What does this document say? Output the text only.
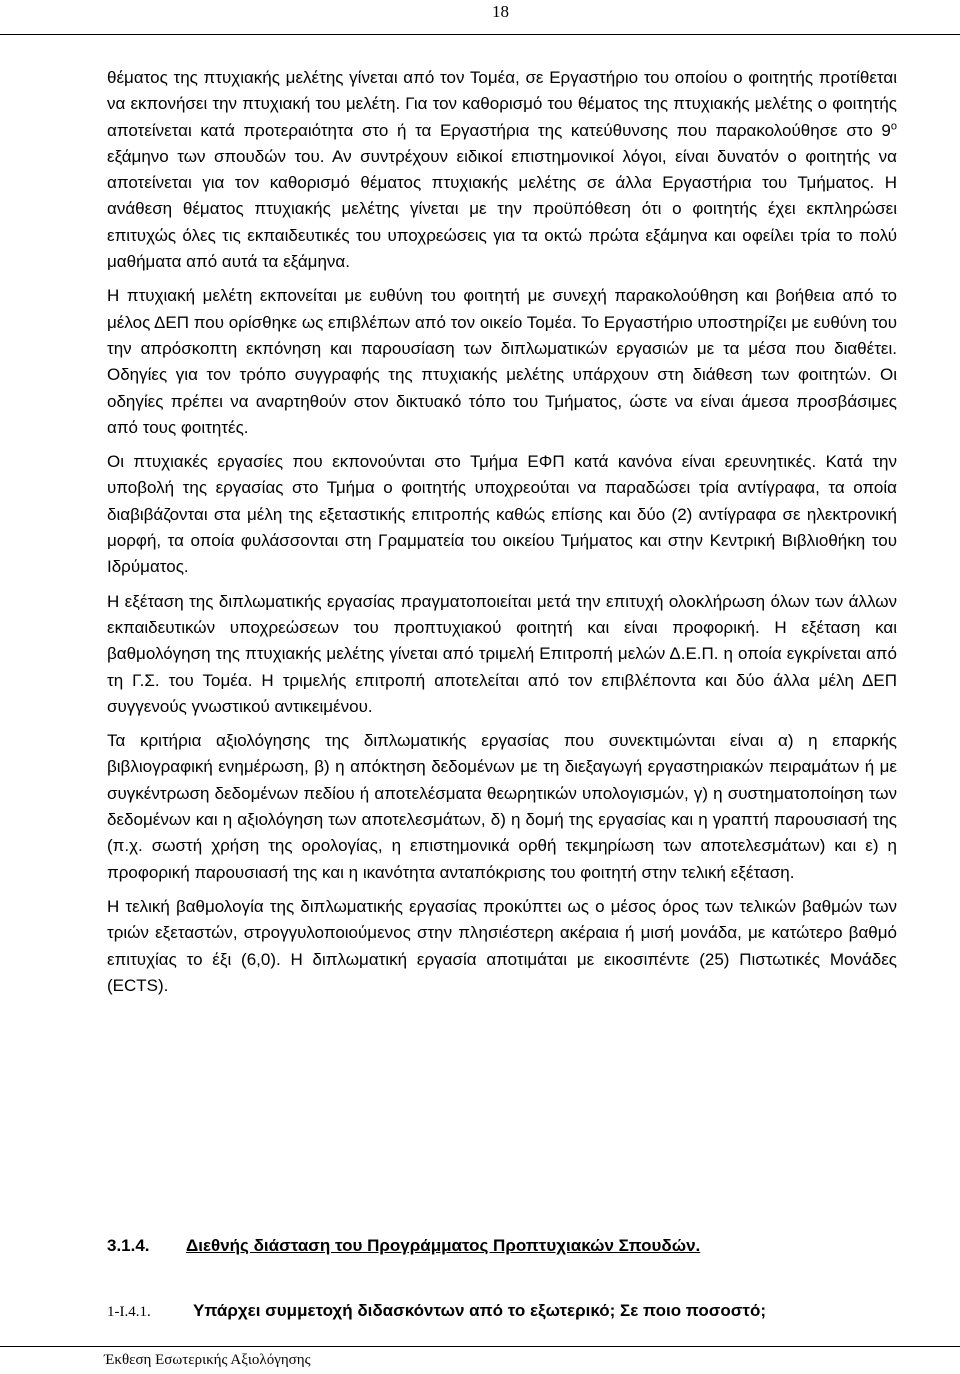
18

θέματος της πτυχιακής μελέτης γίνεται από τον Τομέα, σε Εργαστήριο του οποίου ο φοιτητής προτίθεται να εκπονήσει την πτυχιακή του μελέτη. Για τον καθορισμό του θέματος της πτυχιακής μελέτης ο φοιτητής αποτείνεται κατά προτεραιότητα στο ή τα Εργαστήρια της κατεύθυνσης που παρακολούθησε στο $9^o$ εξάμηνο των σπουδών του. Αν συντρέχουν ειδικοί επιστημονικοί λόγοι, είναι δυνατόν ο φοιτητής να αποτείνεται για τον καθορισμό θέματος πτυχιακής μελέτης σε άλλα Εργαστήρια του Τμήματος. Η ανάθεση θέματος πτυχιακής μελέτης γίνεται με την προϋπόθεση ότι ο φοιτητής έχει εκπληρώσει επιτυχώς όλες τις εκπαιδευτικές του υποχρεώσεις για τα οκτώ πρώτα εξάμηνα και οφείλει τρία το πολύ μαθήματα από αυτά τα εξάμηνα.

Η πτυχιακή μελέτη εκπονείται με ευθύνη του φοιτητή με συνεχή παρακολούθηση και βοήθεια από το μέλος ΔΕΠ που ορίσθηκε ως επιβλέπων από τον οικείο Τομέα. Το Εργαστήριο υποστηρίζει με ευθύνη του την απρόσκοπτη εκπόνηση και παρουσίαση των διπλωματικών εργασιών με τα μέσα που διαθέτει. Οδηγίες για τον τρόπο συγγραφής της πτυχιακής μελέτης υπάρχουν στη διάθεση των φοιτητών. Οι οδηγίες πρέπει να αναρτηθούν στον δικτυακό τόπο του Τμήματος, ώστε να είναι άμεσα προσβάσιμες από τους φοιτητές.

Οι πτυχιακές εργασίες που εκπονούνται στο Τμήμα ΕΦΠ κατά κανόνα είναι ερευνητικές. Κατά την υποβολή της εργασίας στο Τμήμα ο φοιτητής υποχρεούται να παραδώσει τρία αντίγραφα, τα οποία διαβιβάζονται στα μέλη της εξεταστικής επιτροπής καθώς επίσης και δύο (2) αντίγραφα σε ηλεκτρονική μορφή, τα οποία φυλάσσονται στη Γραμματεία του οικείου Τμήματος και στην Κεντρική Βιβλιοθήκη του Ιδρύματος.

Η εξέταση της διπλωματικής εργασίας πραγματοποιείται μετά την επιτυχή ολοκλήρωση όλων των άλλων εκπαιδευτικών υποχρεώσεων του προπτυχιακού φοιτητή και είναι προφορική. Η εξέταση και βαθμολόγηση της πτυχιακής μελέτης γίνεται από τριμελή Επιτροπή μελών Δ.Ε.Π. η οποία εγκρίνεται από τη Γ.Σ. του Τομέα. Η τριμελής επιτροπή αποτελείται από τον επιβλέποντα και δύο άλλα μέλη ΔΕΠ συγγενούς γνωστικού αντικειμένου.

Τα κριτήρια αξιολόγησης της διπλωματικής εργασίας που συνεκτιμώνται είναι α) η επαρκής βιβλιογραφική ενημέρωση, β) η απόκτηση δεδομένων με τη διεξαγωγή εργαστηριακών πειραμάτων ή με συγκέντρωση δεδομένων πεδίου ή αποτελέσματα θεωρητικών υπολογισμών, γ) η συστηματοποίηση των δεδομένων και η αξιολόγηση των αποτελεσμάτων, δ) η δομή της εργασίας και η γραπτή παρουσιασή της (π.χ. σωστή χρήση της ορολογίας, η επιστημονικά ορθή τεκμηρίωση των αποτελεσμάτων) και ε) η προφορική παρουσιασή της και η ικανότητα ανταπόκρισης του φοιτητή στην τελική εξέταση.

Η τελική βαθμολογία της διπλωματικής εργασίας προκύπτει ως ο μέσος όρος των τελικών βαθμών των τριών εξεταστών, στρογγυλοποιούμενος στην πλησιέστερη ακέραια ή μισή μονάδα, με κατώτερο βαθμό επιτυχίας το έξι (6,0). Η διπλωματική εργασία αποτιμάται με εικοσιπέντε (25) Πιστωτικές Μονάδες (ECTS).

3.1.4. Διεθνής διάσταση του Προγράμματος Προπτυχιακών Σπουδών.
1-I.4.1. Υπάρχει συμμετοχή διδασκόντων από το εξωτερικό; Σε ποιο ποσοστό;
Έκθεση Εσωτερικής Αξιολόγησης
